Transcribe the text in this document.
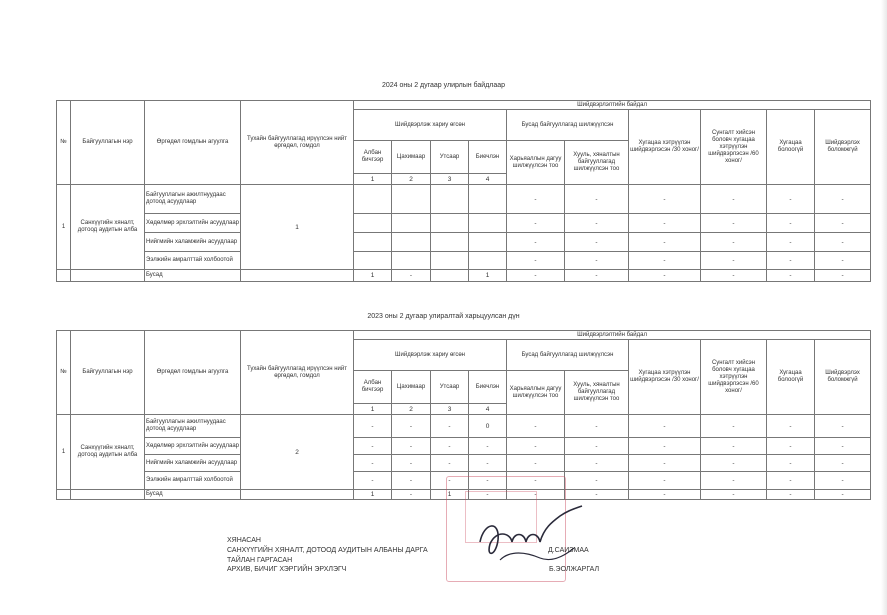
2024 оны 2 дугаар улирлын байдлаар
№	Байгууллагын нэр	Өргөдөл гомдлын агуулга	Тухайн байгууллагад ирүүлсэн нийт өргөдөл, гомдол	Шийдвэрлэлтийн байдал									
				Шийдвэрлэж хариу өгсөн				Бусад байгууллагад шилжүүлсэн		Хугацаа хэтрүүлэн шийдвэрлэсэн /30 хоног/	Сунгалт хийсэн боловч хугацаа хэтрүүлэн шийдвэрлэсэн /60 хоног/	Хугацаа болоогүй	Шийдвэрлэх боломжгүй
				Албан бичгээр	Цахимаар	Утсаар	Биечлэн	Харьяаллын дагуу шилжүүлсэн тоо	Хууль, хяналтын байгууллагад шилжүүлсэн тоо				
				1	2	3	4						
1	Санхүүгийн хяналт, дотоод аудитын алба	Байгууллагын ажилтнуудаас дотоод асуудлаар	1					-	-	-	-	-	-
		Хөдөлмөр эрхлэлтийн асуудлаар						-	-	-	-	-	-
		Нийгмийн халамжийн асуудлаар						-	-	-	-	-	-
		Ээлжийн амралттай холбоотой						-	-	-	-	-	-
		Бусад		1	-		1	-	-	-	-	-	-
2023 оны 2 дугаар улиралтай харьцуулсан дүн
№	Байгууллагын нэр	Өргөдөл гомдлын агуулга	Тухайн байгууллагад ирүүлсэн нийт өргөдөл, гомдол	Шийдвэрлэлтийн байдал									
				Шийдвэрлэж хариу өгсөн				Бусад байгууллагад шилжүүлсэн		Хугацаа хэтрүүлэн шийдвэрлэсэн /30 хоног/	Сунгалт хийсэн боловч хугацаа хэтрүүлэн шийдвэрлэсэн /60 хоног/	Хугацаа болоогүй	Шийдвэрлэх боломжгүй
				Албан бичгээр	Цахимаар	Утсаар	Биечлэн	Харьяаллын дагуу шилжүүлсэн тоо	Хууль, хяналтын байгууллагад шилжүүлсэн тоо				
				1	2	3	4						
1	Санхүүгийн хяналт, дотоод аудитын алба	Байгууллагын ажилтнуудаас дотоод асуудлаар	2	-	-	-	0	-	-	-	-	-	-
		Хөдөлмөр эрхлэлтийн асуудлаар		-	-	-	-	-	-	-	-	-	-
		Нийгмийн халамжийн асуудлаар		-	-	-	-	-	-	-	-	-	-
		Ээлжийн амралттай холбоотой		-	-	-	-	-	-	-	-	-	-
		Бусад		1	-	1	-	-	-	-	-	-	-
ХЯНАСАН
САНХҮҮГИЙН ХЯНАЛТ, ДОТООД АУДИТЫН АЛБАНЫ ДАРГА	Д.САИЗМАА
ТАЙЛАН ГАРГАСАН
АРХИВ, БИЧИГ ХЭРГИЙН ЭРХЛЭГЧ	Б.ЭОЛЖАРГАЛ
